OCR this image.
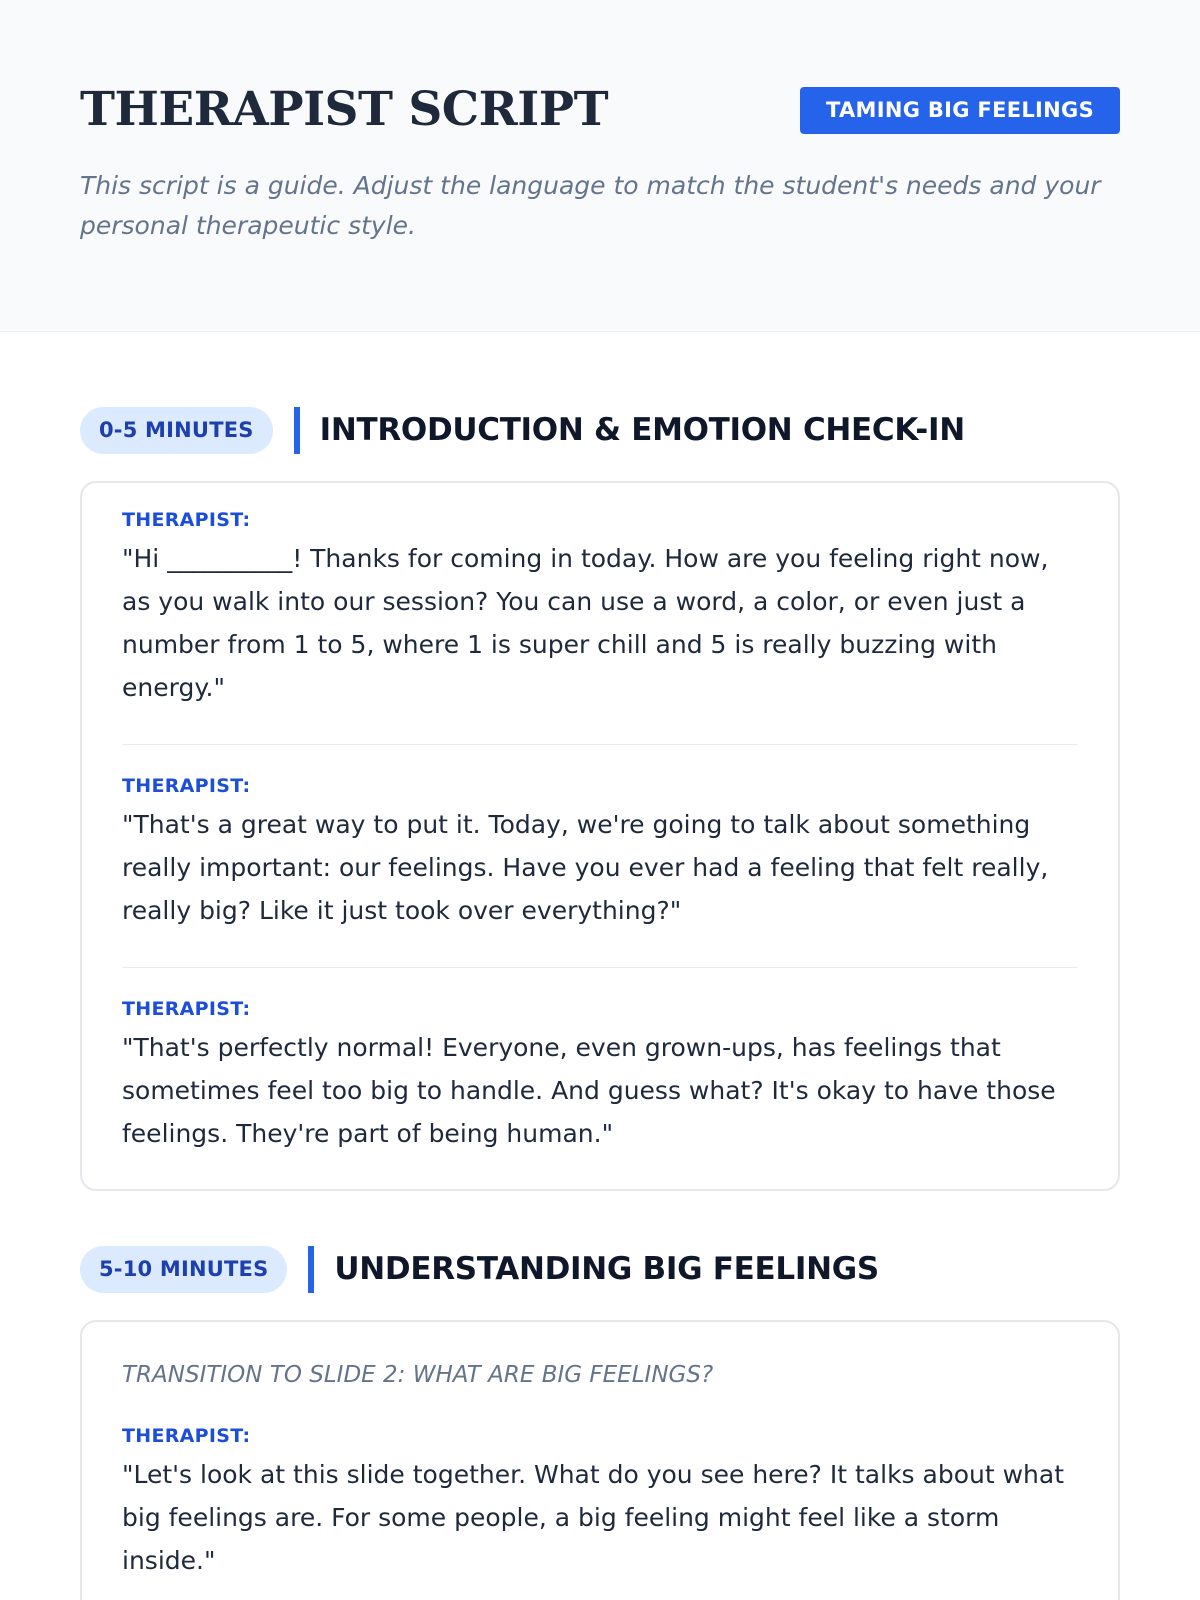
THERAPIST SCRIPT	TAMING BIG FEELINGS

This script is a guide. Adjust the language to match the student's needs and your personal therapeutic style.

0-5 MINUTES	INTRODUCTION & EMOTION CHECK-IN
THERAPIST:
"Hi __________! Thanks for coming in today. How are you feeling right now, as you walk into our session? You can use a word, a color, or even just a number from 1 to 5, where 1 is super chill and 5 is really buzzing with energy."
THERAPIST:
"That's a great way to put it. Today, we're going to talk about something really important: our feelings. Have you ever had a feeling that felt really, really big? Like it just took over everything?"
THERAPIST:
"That's perfectly normal! Everyone, even grown-ups, has feelings that sometimes feel too big to handle. And guess what? It's okay to have those feelings. They're part of being human."
5-10 MINUTES	UNDERSTANDING BIG FEELINGS
TRANSITION TO SLIDE 2: WHAT ARE BIG FEELINGS?
THERAPIST:
"Let's look at this slide together. What do you see here? It talks about what big feelings are. For some people, a big feeling might feel like a storm inside."
